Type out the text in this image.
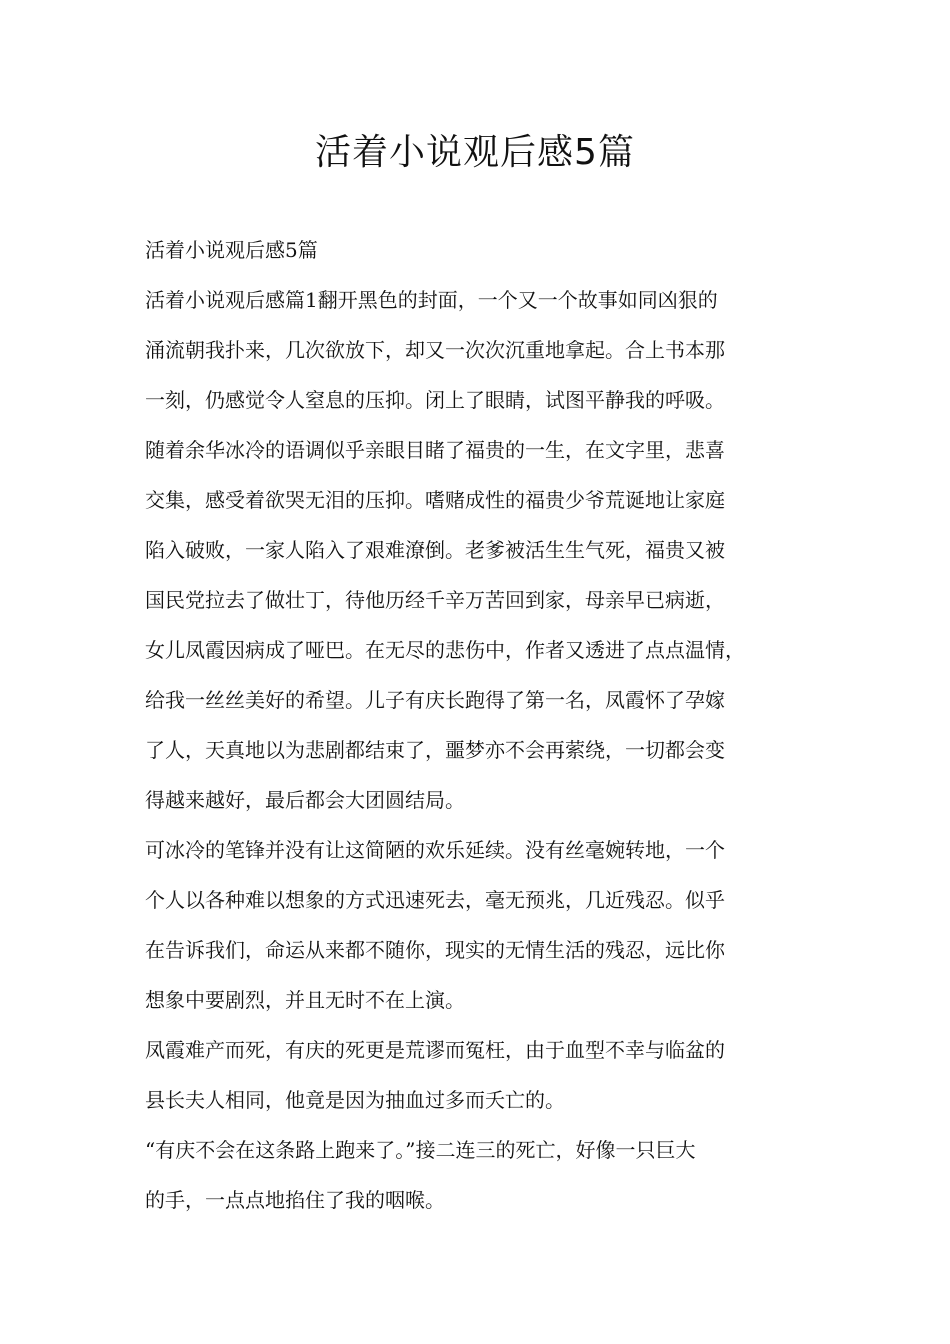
活着小说观后感5篇
活着小说观后感5篇
活着小说观后感篇1翻开黑色的封面，一个又一个故事如同凶狠的
涌流朝我扑来，几次欲放下，却又一次次沉重地拿起。合上书本那
一刻，仍感觉令人窒息的压抑。闭上了眼睛，试图平静我的呼吸。
随着余华冰冷的语调似乎亲眼目睹了福贵的一生，在文字里，悲喜
交集，感受着欲哭无泪的压抑。嗜赌成性的福贵少爷荒诞地让家庭
陷入破败，一家人陷入了艰难潦倒。老爹被活生生气死，福贵又被
国民党拉去了做壮丁，待他历经千辛万苦回到家，母亲早已病逝，
女儿凤霞因病成了哑巴。在无尽的悲伤中，作者又透进了点点温情，
给我一丝丝美好的希望。儿子有庆长跑得了第一名，凤霞怀了孕嫁
了人，天真地以为悲剧都结束了，噩梦亦不会再萦绕，一切都会变
得越来越好，最后都会大团圆结局。
可冰冷的笔锋并没有让这简陋的欢乐延续。没有丝毫婉转地，一个
个人以各种难以想象的方式迅速死去，毫无预兆，几近残忍。似乎
在告诉我们，命运从来都不随你，现实的无情生活的残忍，远比你
想象中要剧烈，并且无时不在上演。
凤霞难产而死，有庆的死更是荒谬而冤枉，由于血型不幸与临盆的
县长夫人相同，他竟是因为抽血过多而夭亡的。
“有庆不会在这条路上跑来了。”接二连三的死亡，好像一只巨大
的手，一点点地掐住了我的咽喉。
